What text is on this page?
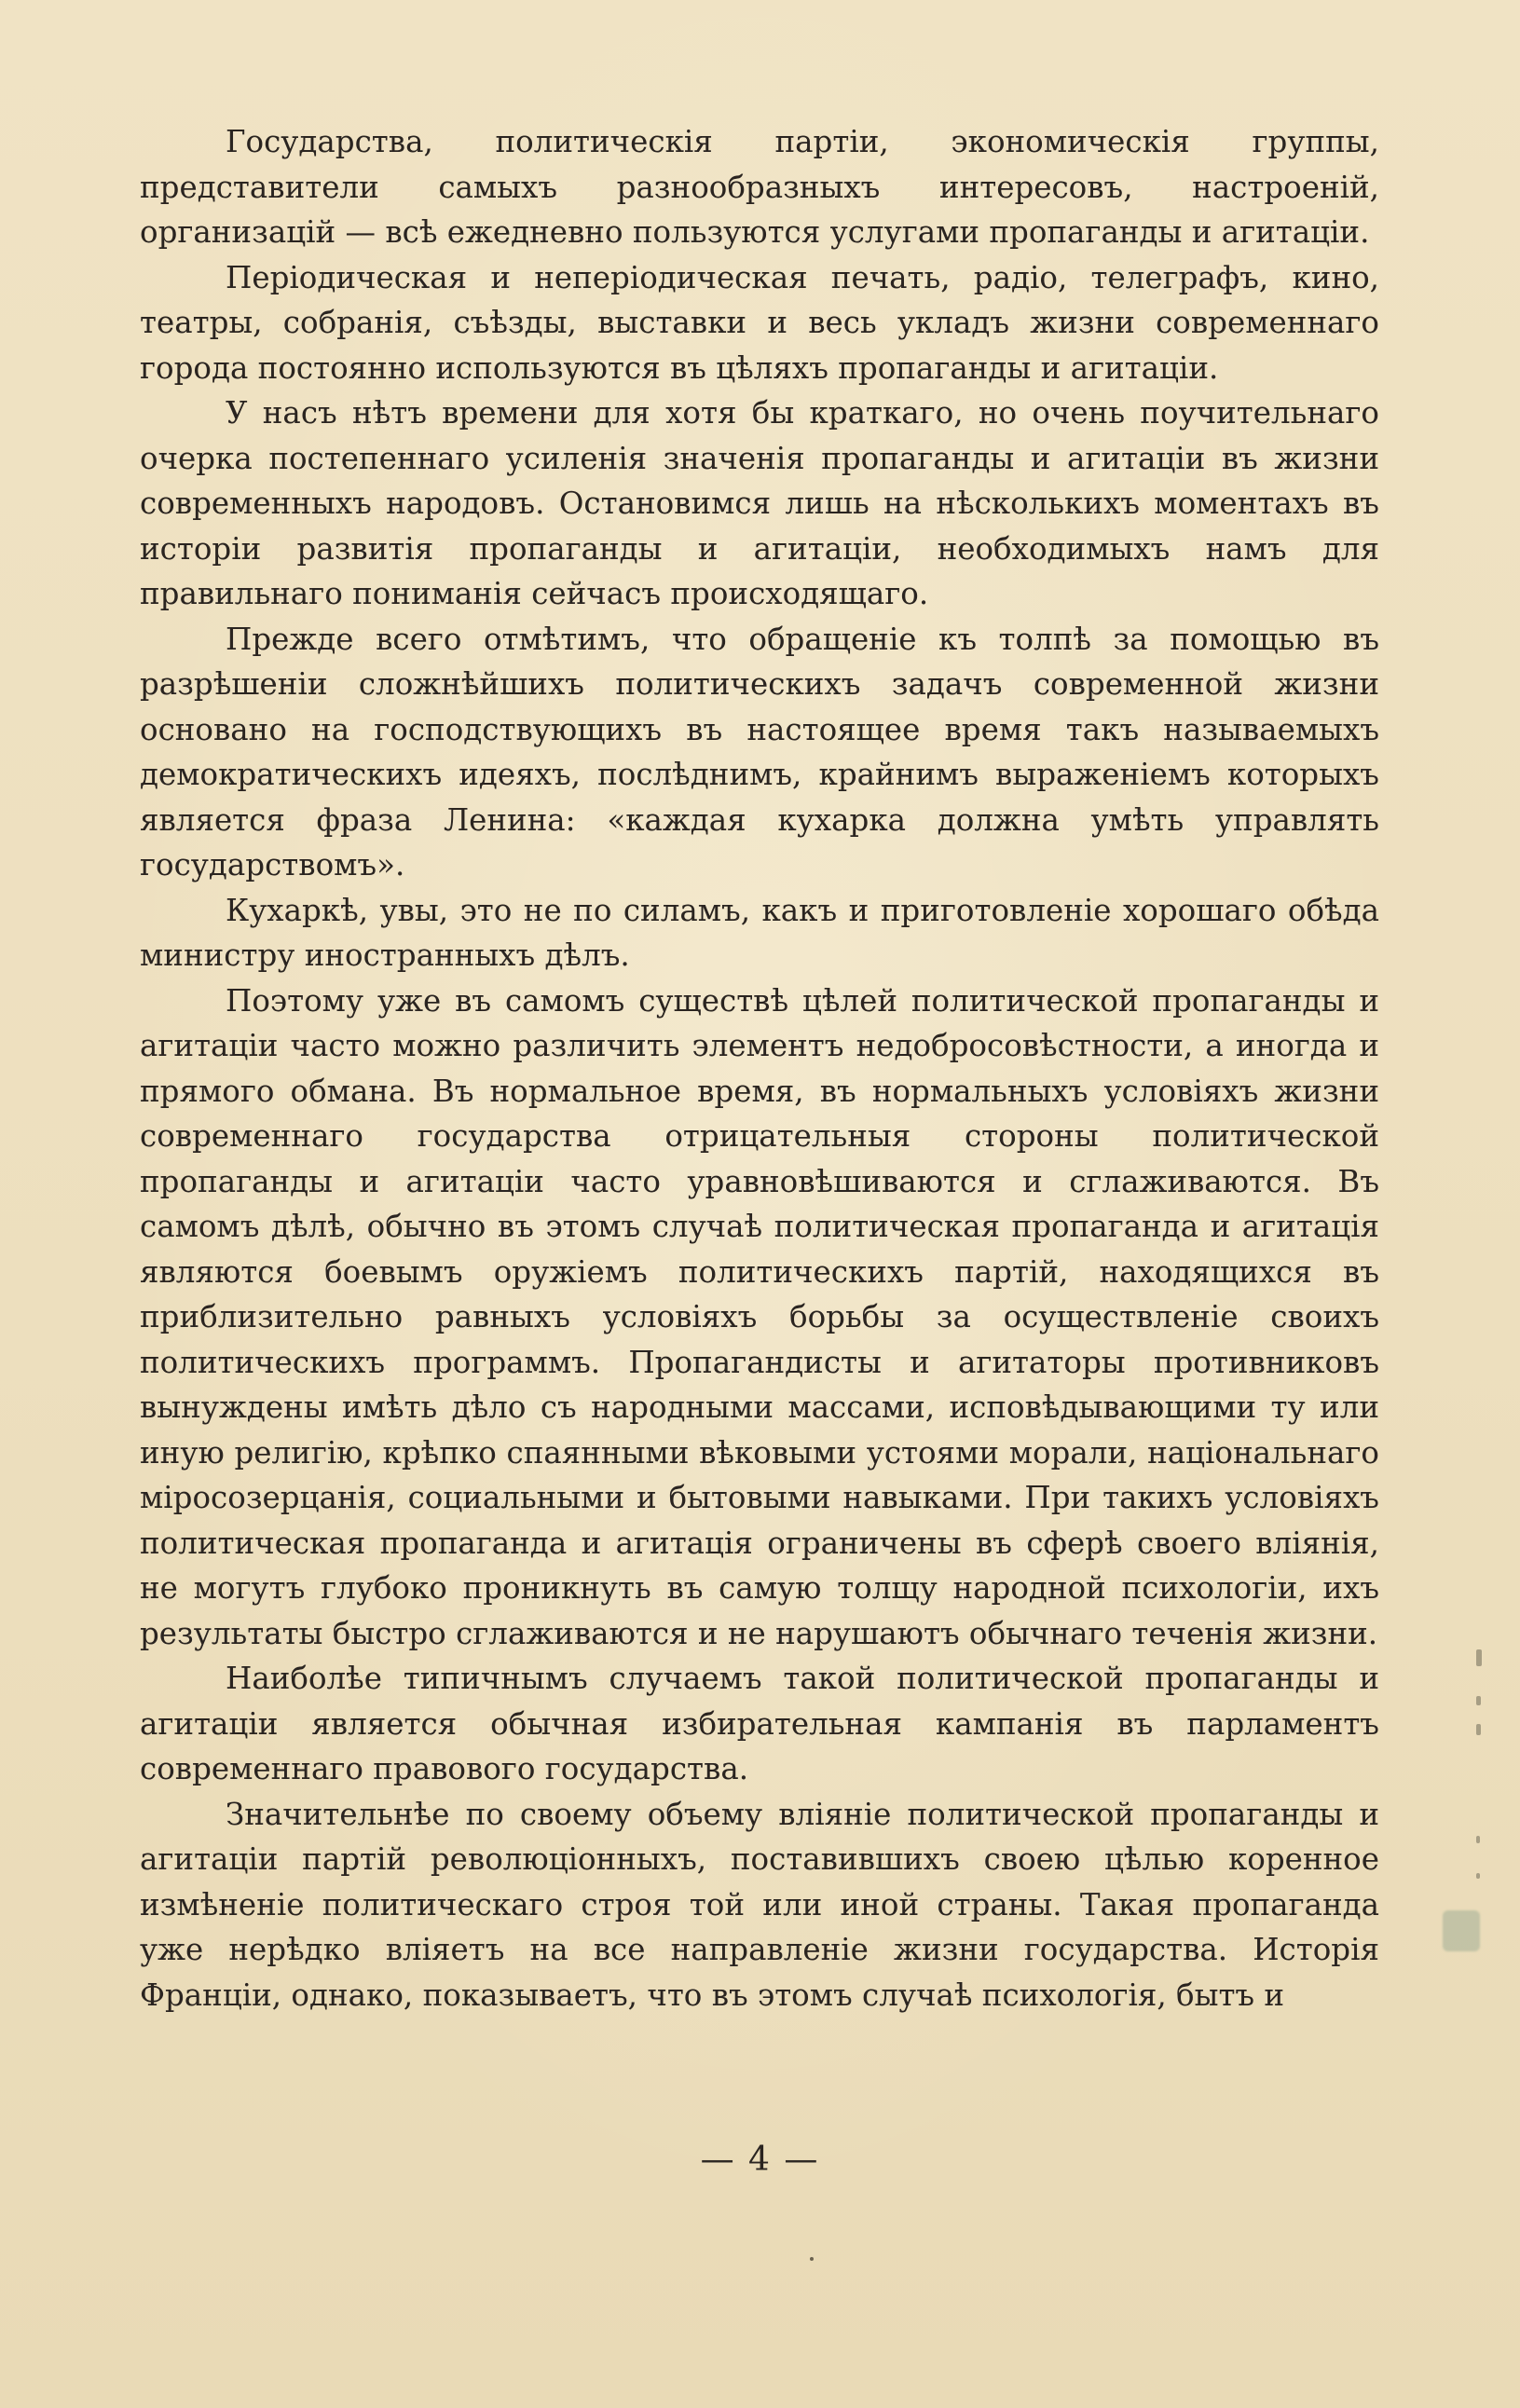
Государства, политическія партіи, экономическія группы, представители самыхъ разнообразныхъ интересовъ, настроеній, организацій — всѣ ежедневно пользуются услугами пропаганды и агитаціи.

Періодическая и непеpіодическая печать, радіо, телеграфъ, кино, театры, собранія, съѣзды, выставки и весь укладъ жизни современнаго города постоянно используются въ цѣляхъ пропаганды и агитаціи.

У насъ нѣтъ времени для хотя бы краткаго, но очень поучительнаго очерка постепеннаго усиленія значенія пропаганды и агитаціи въ жизни современныхъ народовъ. Остановимся лишь на нѣсколькихъ моментахъ въ исторіи развитія пропаганды и агитаціи, необходимыхъ намъ для правильнаго пониманія сейчасъ происходящаго.

Прежде всего отмѣтимъ, что обращеніе къ толпѣ за помощью въ разрѣшеніи сложнѣйшихъ политическихъ задачъ современной жизни основано на господствующихъ въ настоящее время такъ называемыхъ демократическихъ идеяхъ, послѣднимъ, крайнимъ выраженіемъ которыхъ является фраза Ленина: «каждая кухарка должна умѣть управлять государствомъ».

Кухаркѣ, увы, это не по силамъ, какъ и приготовленіе хорошаго обѣда министру иностранныхъ дѣлъ.

Поэтому уже въ самомъ существѣ цѣлей политической пропаганды и агитаціи часто можно различить элементъ недобросовѣстности, а иногда и прямого обмана. Въ нормальное время, въ нормальныхъ условіяхъ жизни современнаго государства отрицательныя стороны политической пропаганды и агитаціи часто уравновѣшиваются и сглаживаются. Въ самомъ дѣлѣ, обычно въ этомъ случаѣ политическая пропаганда и агитація являются боевымъ оружіемъ политическихъ партій, находящихся въ приблизительно равныхъ условіяхъ борьбы за осуществленіе своихъ политическихъ программъ. Пропагандисты и агитаторы противниковъ вынуждены имѣть дѣло съ народными массами, исповѣдывающими ту или иную религію, крѣпко спаянными вѣковыми устоями морали, національнаго міросозерцанія, социальными и бытовыми навыками. При такихъ условіяхъ политическая пропаганда и агитація ограничены въ сферѣ своего вліянія, не могутъ глубоко проникнуть въ самую толщу народной психологіи, ихъ результаты быстро сглаживаются и не нарушаютъ обычнаго теченія жизни.

Наиболѣе типичнымъ случаемъ такой политической пропаганды и агитаціи является обычная избирательная кампанія въ парламентъ современнаго правового государства.

Значительнѣе по своему объему вліяніе политической пропаганды и агитаціи партій революціонныхъ, поставившихъ своею цѣлью коренное измѣненіе политическаго строя той или иной страны. Такая пропаганда уже нерѣдко вліяетъ на все направленіе жизни государства. Исторія Франціи, однако, показываетъ, что въ этомъ случаѣ психологія, бытъ и

— 4 —
